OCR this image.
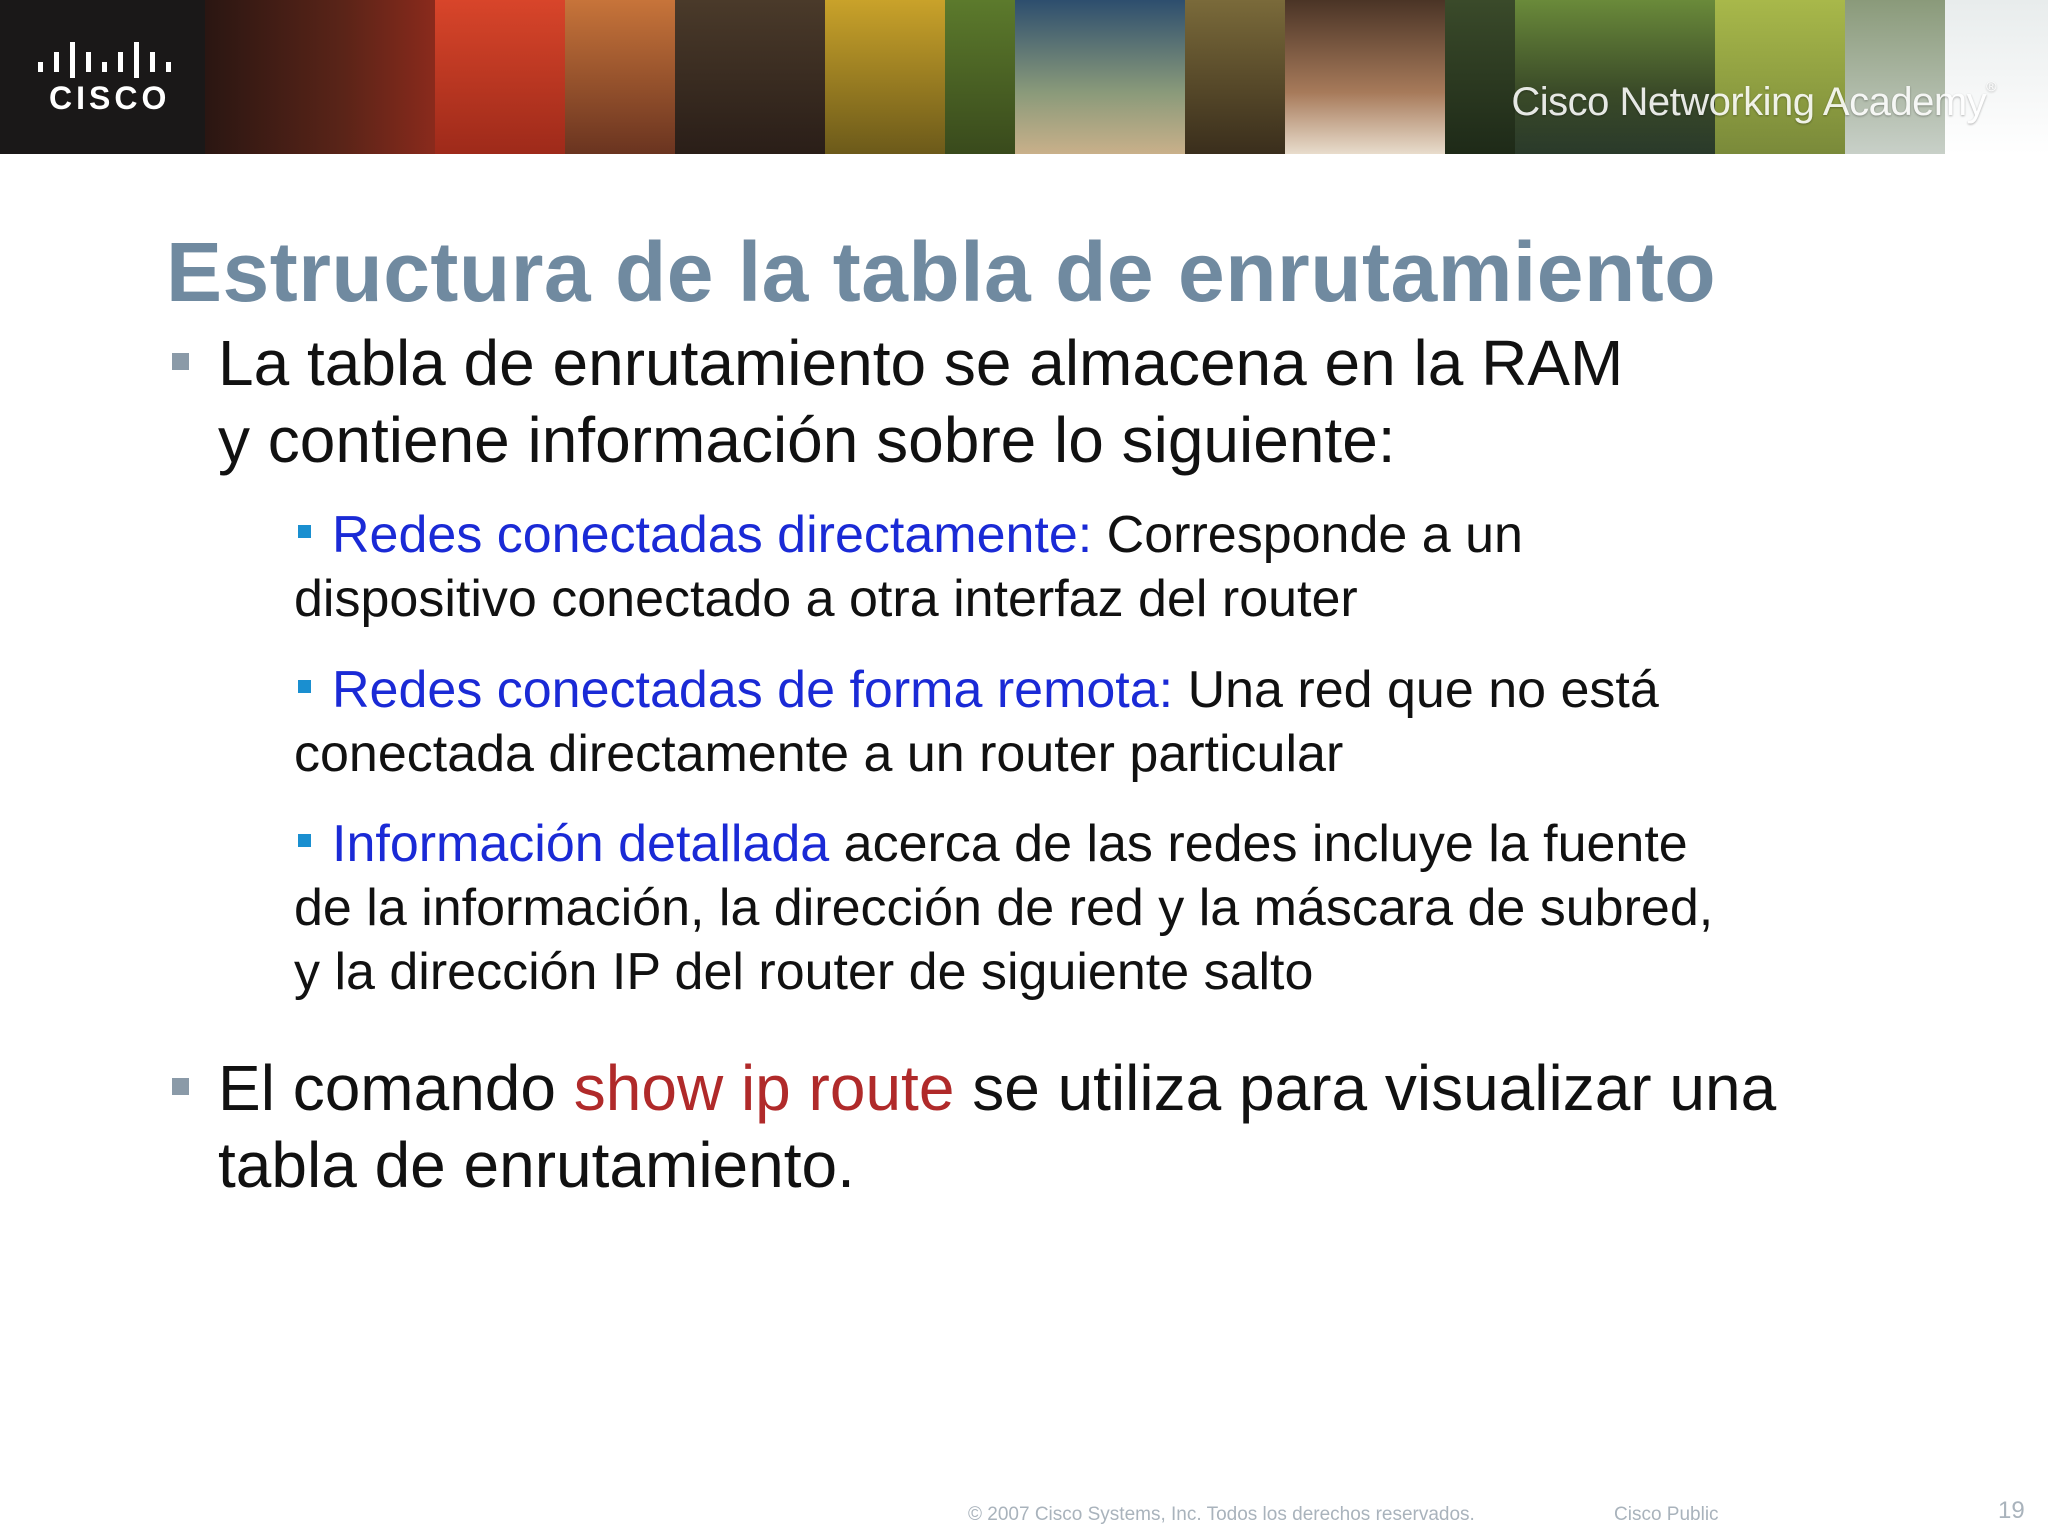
CISCO	Cisco Networking Academy®
Estructura de la tabla de enrutamiento
La tabla de enrutamiento se almacena en la RAM
y contiene información sobre lo siguiente:
Redes conectadas directamente: Corresponde a un
dispositivo conectado a otra interfaz del router
Redes conectadas de forma remota: Una red que no está
conectada directamente a un router particular
Información detallada acerca de las redes incluye la fuente
de la información, la dirección de red y la máscara de subred,
y la dirección IP del router de siguiente salto
El comando show ip route se utiliza para visualizar una
tabla de enrutamiento.
© 2007 Cisco Systems, Inc. Todos los derechos reservados.	Cisco Public	19
